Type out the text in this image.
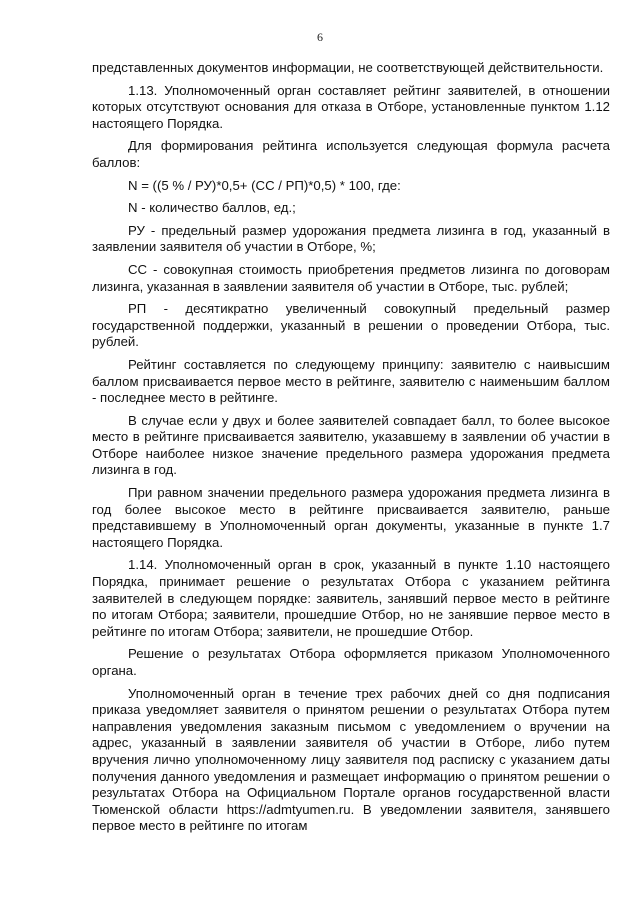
6

представленных документов информации, не соответствующей действительности.

1.13. Уполномоченный орган составляет рейтинг заявителей, в отношении которых отсутствуют основания для отказа в Отборе, установленные пунктом 1.12 настоящего Порядка.

Для формирования рейтинга используется следующая формула расчета баллов:

N = ((5 % / РУ)*0,5+ (СС / РП)*0,5) * 100, где:

N - количество баллов, ед.;

РУ - предельный размер удорожания предмета лизинга в год, указанный в заявлении заявителя об участии в Отборе, %;

СС - совокупная стоимость приобретения предметов лизинга по договорам лизинга, указанная в заявлении заявителя об участии в Отборе, тыс. рублей;

РП - десятикратно увеличенный совокупный предельный размер государственной поддержки, указанный в решении о проведении Отбора, тыс. рублей.

Рейтинг составляется по следующему принципу: заявителю с наивысшим баллом присваивается первое место в рейтинге, заявителю с наименьшим баллом - последнее место в рейтинге.

В случае если у двух и более заявителей совпадает балл, то более высокое место в рейтинге присваивается заявителю, указавшему в заявлении об участии в Отборе наиболее низкое значение предельного размера удорожания предмета лизинга в год.

При равном значении предельного размера удорожания предмета лизинга в год более высокое место в рейтинге присваивается заявителю, раньше представившему в Уполномоченный орган документы, указанные в пункте 1.7 настоящего Порядка.

1.14. Уполномоченный орган в срок, указанный в пункте 1.10 настоящего Порядка, принимает решение о результатах Отбора с указанием рейтинга заявителей в следующем порядке: заявитель, занявший первое место в рейтинге по итогам Отбора; заявители, прошедшие Отбор, но не занявшие первое место в рейтинге по итогам Отбора; заявители, не прошедшие Отбор.

Решение о результатах Отбора оформляется приказом Уполномоченного органа.

Уполномоченный орган в течение трех рабочих дней со дня подписания приказа уведомляет заявителя о принятом решении о результатах Отбора путем направления уведомления заказным письмом с уведомлением о вручении на адрес, указанный в заявлении заявителя об участии в Отборе, либо путем вручения лично уполномоченному лицу заявителя под расписку с указанием даты получения данного уведомления и размещает информацию о принятом решении о результатах Отбора на Официальном Портале органов государственной власти Тюменской области https://admtyumen.ru. В уведомлении заявителя, занявшего первое место в рейтинге по итогам
